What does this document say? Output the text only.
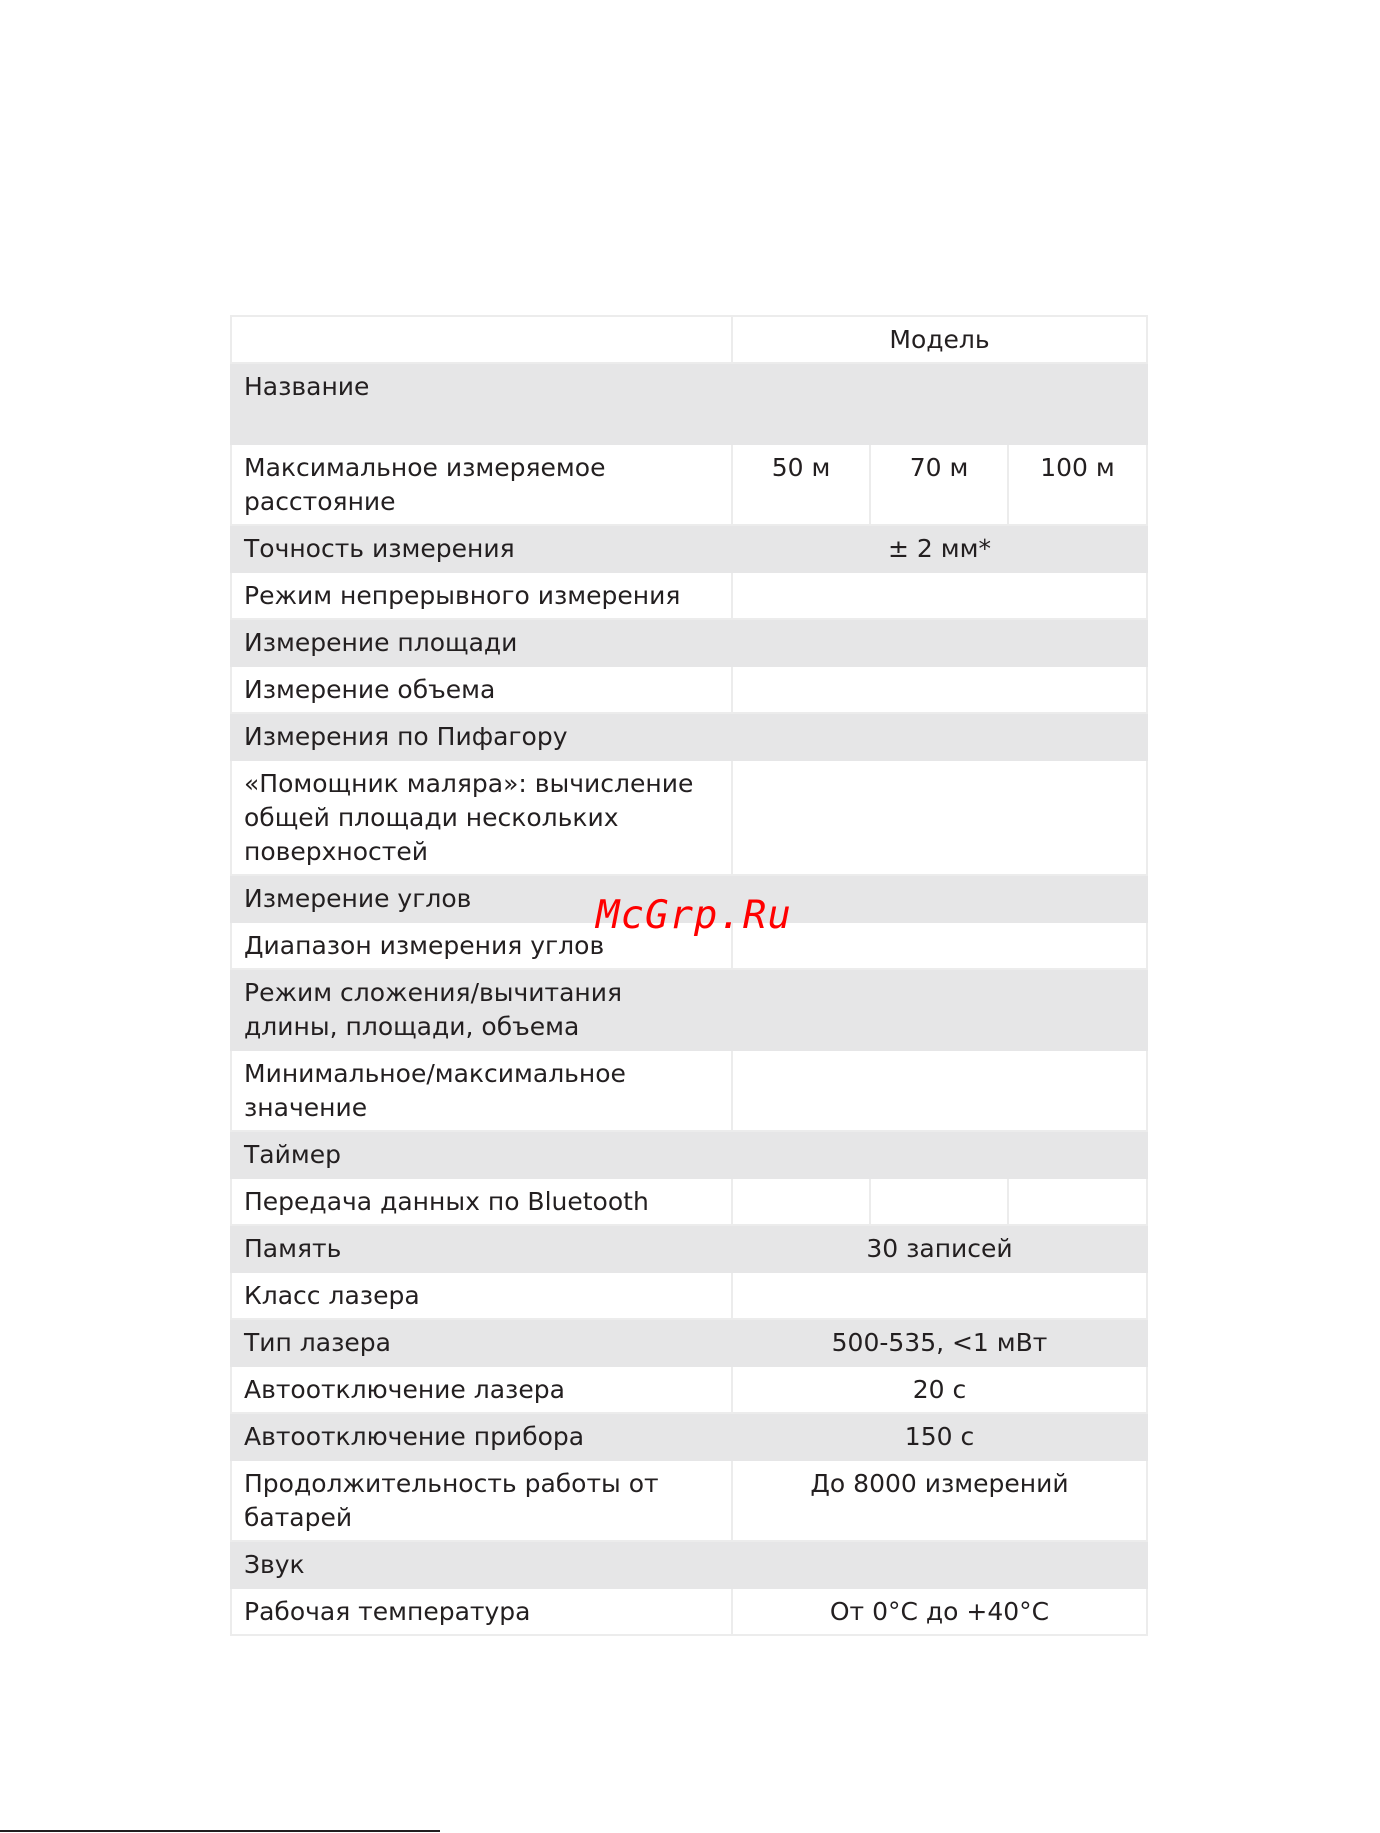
	Модель		
Название			
Максимальное измеряемое расстояние	50 м	70 м	100 м
Точность измерения	± 2 мм*		
Режим непрерывного измерения			
Измерение площади			
Измерение объема			
Измерения по Пифагору			
«Помощник маляра»: вычисление общей площади нескольких поверхностей			
Измерение углов			
Диапазон измерения углов			
Режим сложения/вычитания длины, площади, объема			
Минимальное/максимальное значение			
Таймер			
Передача данных по Bluetooth			
Память	30 записей		
Класс лазера			
Тип лазера	500-535, <1 мВт		
Автоотключение лазера	20 с		
Автоотключение прибора	150 с		
Продолжительность работы от батарей	До 8000 измерений		
Звук			
Рабочая температура	От 0°C до +40°C		
McGrp.Ru
